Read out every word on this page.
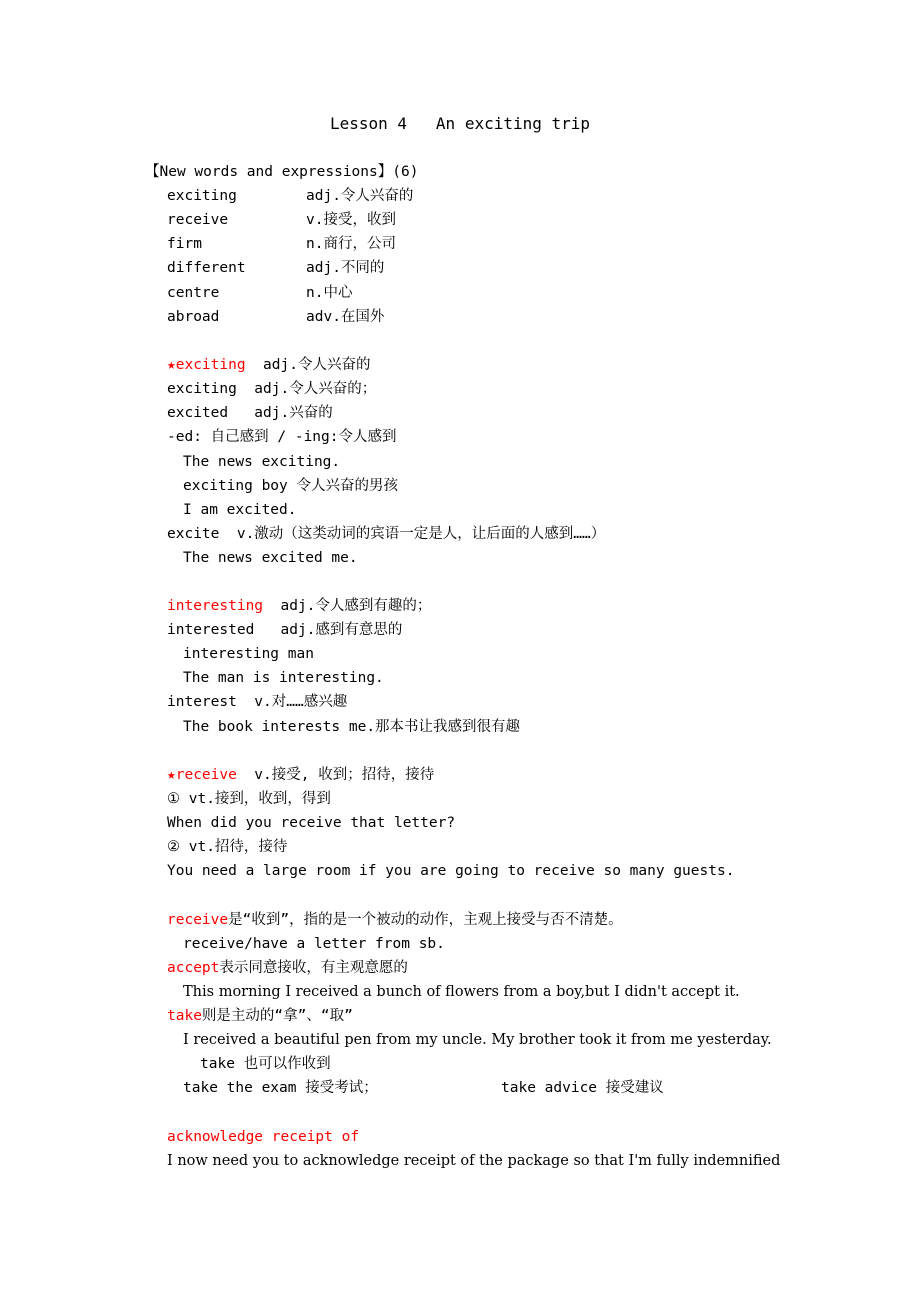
Lesson 4   An exciting trip
【New words and expressions】(6)
exciting	adj.令人兴奋的
receive	v.接受，收到
firm	n.商行，公司
different	adj.不同的
centre	n.中心
abroad	adv.在国外
★exciting  adj.令人兴奋的
exciting  adj.令人兴奋的；
excited   adj.兴奋的
-ed: 自己感到 / -ing:令人感到
The news exciting.
exciting boy 令人兴奋的男孩
I am excited.
excite  v.激动（这类动词的宾语一定是人，让后面的人感到……）
The news excited me.
interesting  adj.令人感到有趣的；
interested   adj.感到有意思的
interesting man
The man is interesting.
interest  v.对……感兴趣
The book interests me.那本书让我感到很有趣
★receive  v.接受, 收到；招待，接待
① vt.接到，收到，得到
When did you receive that letter?
② vt.招待，接待
You need a large room if you are going to receive so many guests.
receive是“收到”，指的是一个被动的动作，主观上接受与否不清楚。
receive/have a letter from sb.
accept表示同意接收，有主观意愿的
This morning I received a bunch of flowers from a boy,but I didn't accept it.
take则是主动的“拿”、“取”
I received a beautiful pen from my uncle. My brother took it from me yesterday.
take 也可以作收到
take the exam 接受考试；	take advice 接受建议
acknowledge receipt of
I now need you to acknowledge receipt of the package so that I'm fully indemnified
